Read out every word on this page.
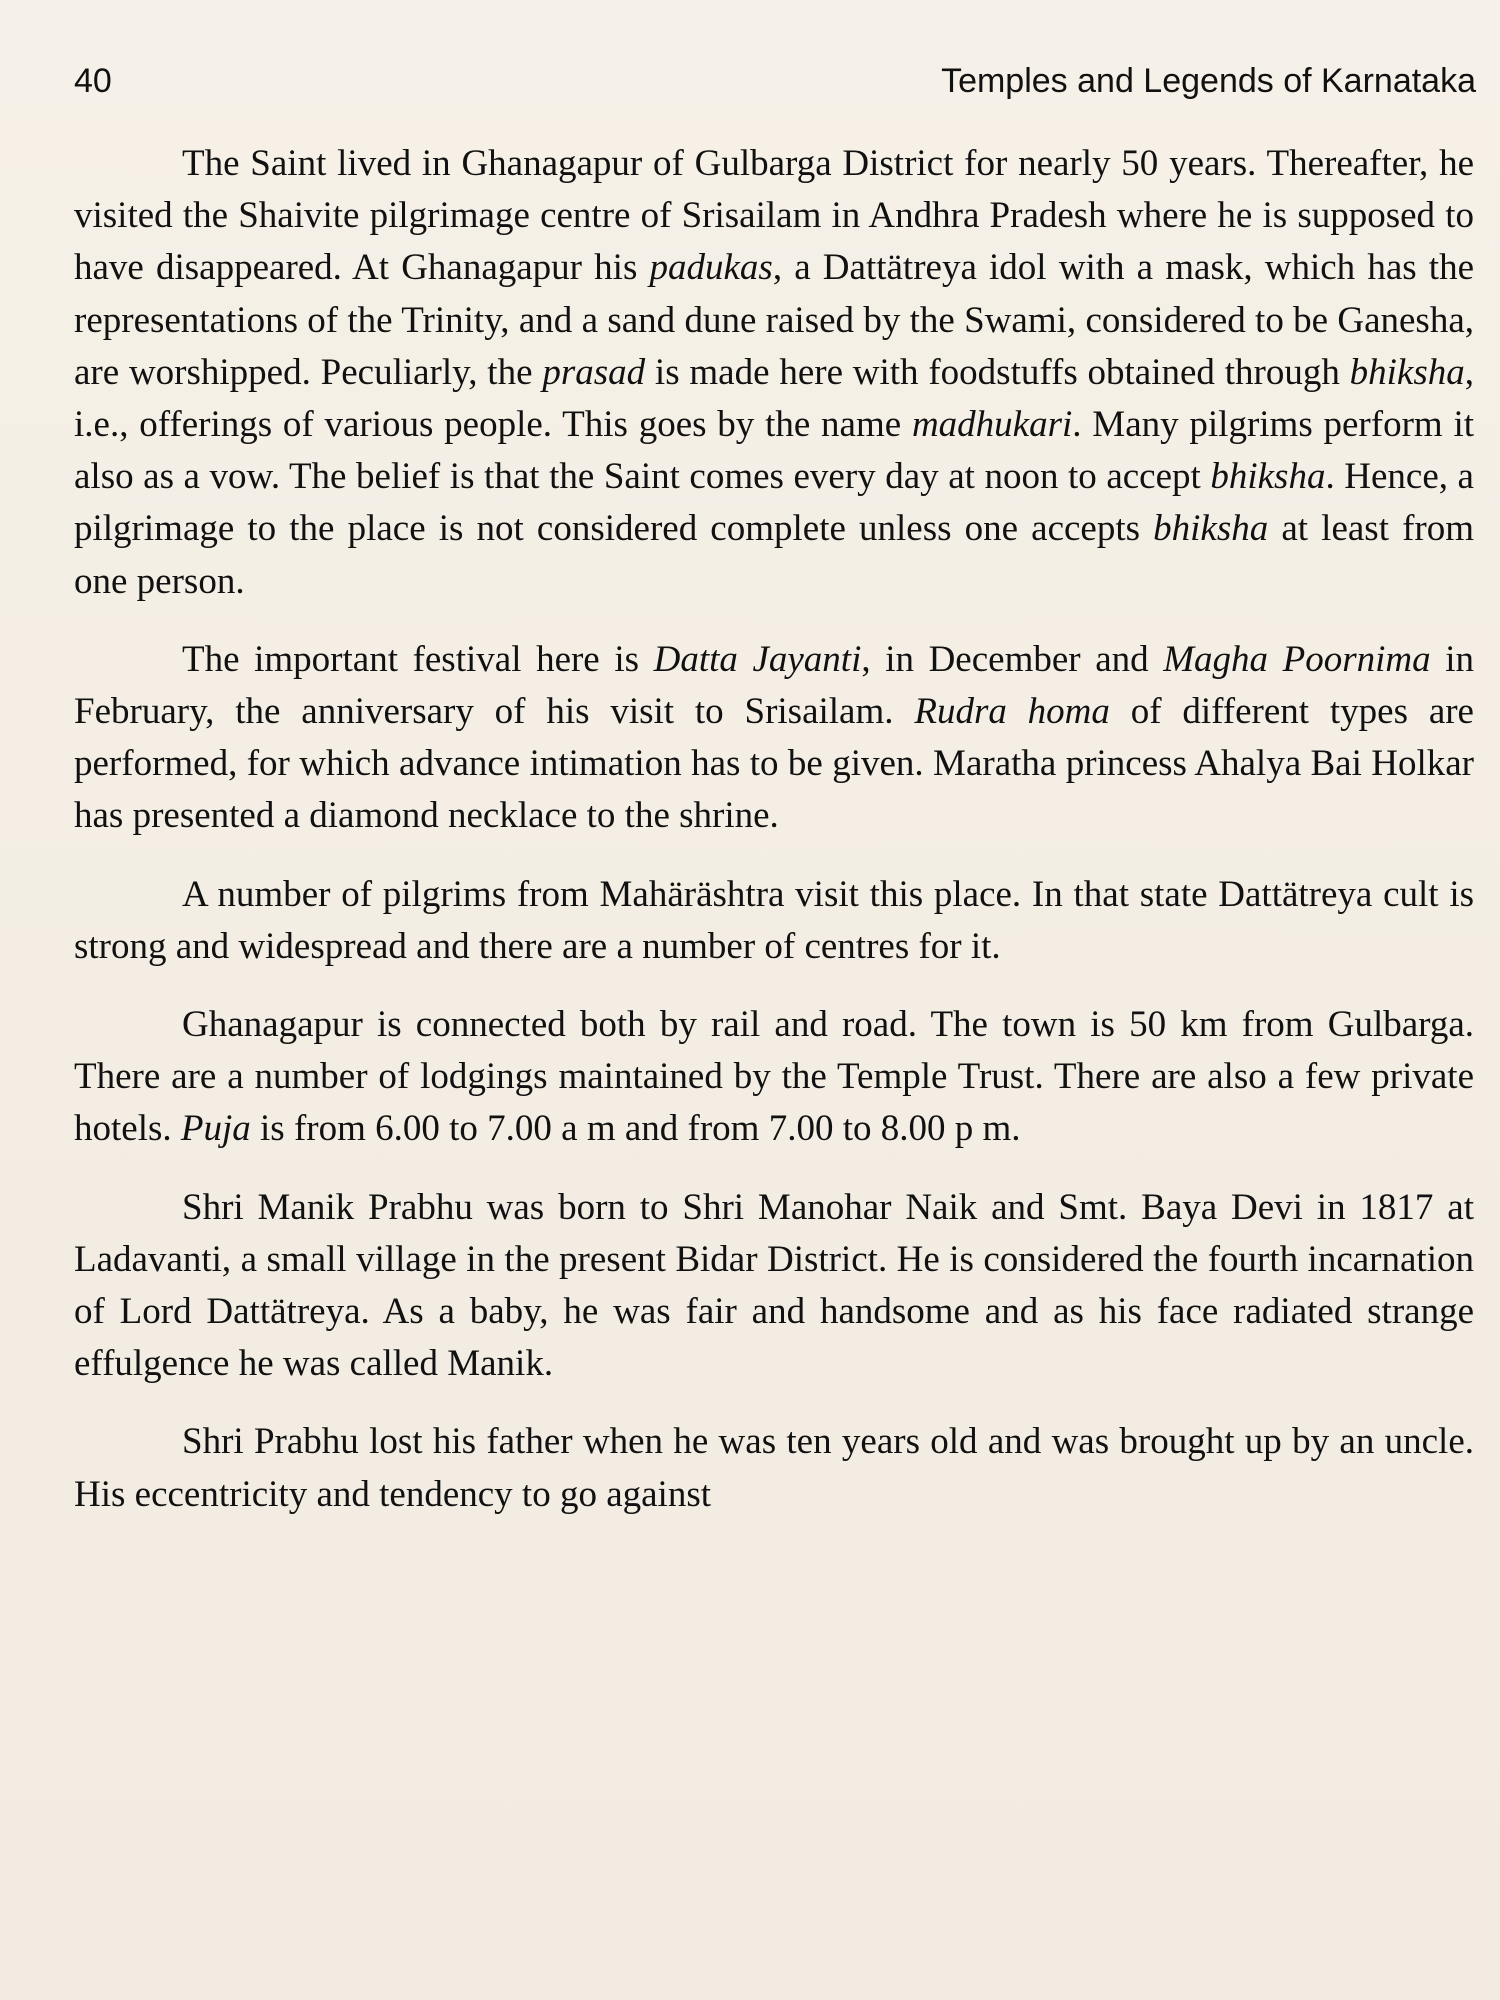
40	Temples and Legends of Karnataka

The Saint lived in Ghanagapur of Gulbarga District for nearly 50 years. Thereafter, he visited the Shaivite pilgrimage centre of Srisailam in Andhra Pradesh where he is supposed to have disappeared. At Ghanagapur his padukas, a Dattätreya idol with a mask, which has the representations of the Trinity, and a sand dune raised by the Swami, considered to be Ganesha, are worshipped. Peculiarly, the prasad is made here with foodstuffs obtained through bhiksha, i.e., offerings of various people. This goes by the name madhukari. Many pilgrims perform it also as a vow. The belief is that the Saint comes every day at noon to accept bhiksha. Hence, a pilgrimage to the place is not considered complete unless one accepts bhiksha at least from one person.

The important festival here is Datta Jayanti, in December and Magha Poornima in February, the anniversary of his visit to Srisailam. Rudra homa of different types are performed, for which advance intimation has to be given. Maratha princess Ahalya Bai Holkar has presented a diamond necklace to the shrine.

A number of pilgrims from Mahäräshtra visit this place. In that state Dattätreya cult is strong and widespread and there are a number of centres for it.

Ghanagapur is connected both by rail and road. The town is 50 km from Gulbarga. There are a number of lodgings maintained by the Temple Trust. There are also a few private hotels. Puja is from 6.00 to 7.00 a m and from 7.00 to 8.00 p m.

Shri Manik Prabhu was born to Shri Manohar Naik and Smt. Baya Devi in 1817 at Ladavanti, a small village in the present Bidar District. He is considered the fourth incarnation of Lord Dattätreya. As a baby, he was fair and handsome and as his face radiated strange effulgence he was called Manik.

Shri Prabhu lost his father when he was ten years old and was brought up by an uncle. His eccentricity and tendency to go against
